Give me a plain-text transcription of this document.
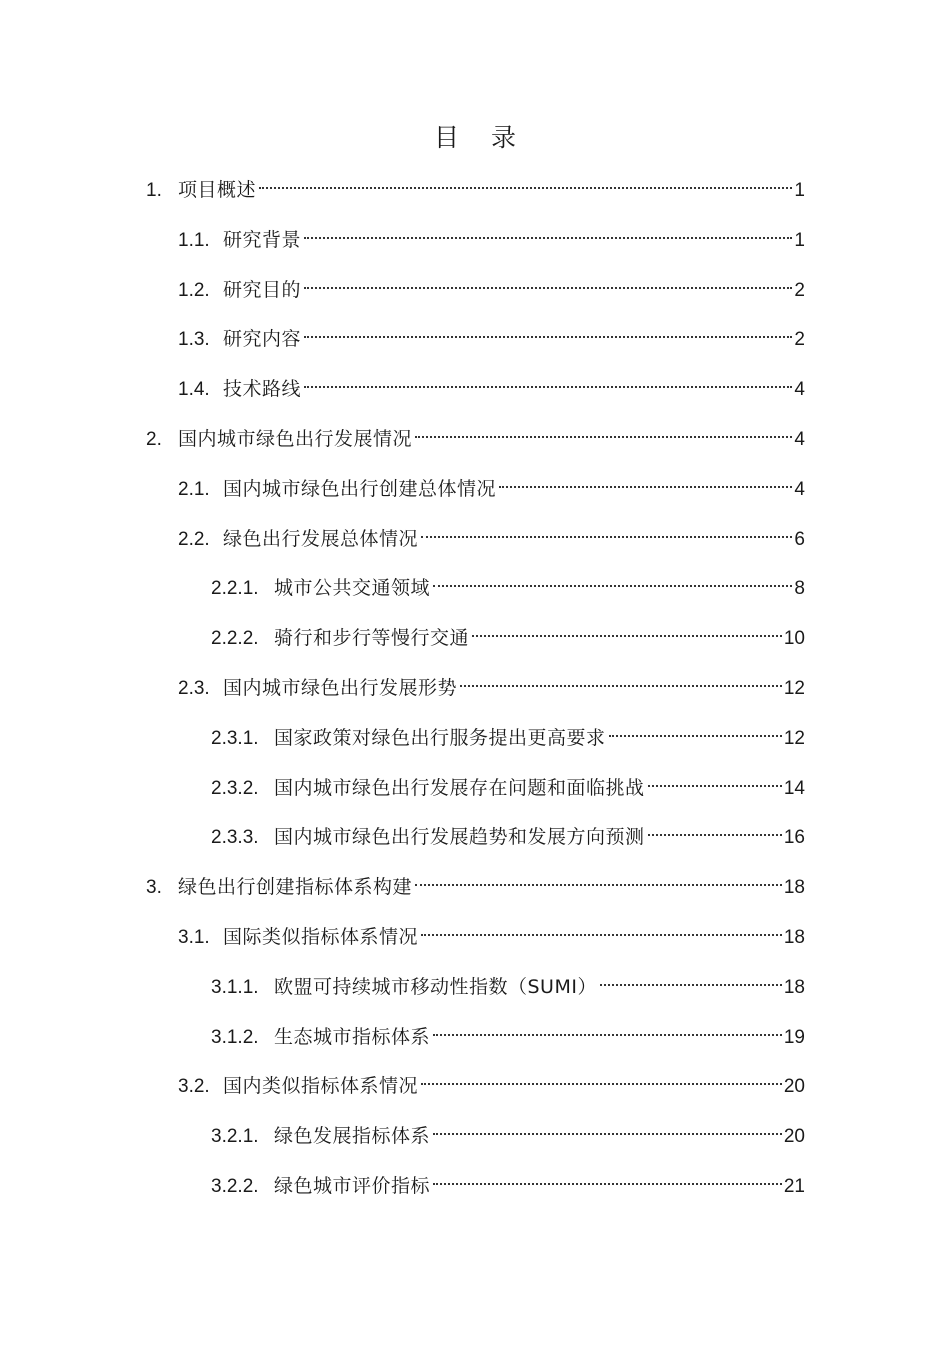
目 录
1. 项目概述	1
1.1. 研究背景	1
1.2. 研究目的	2
1.3. 研究内容	2
1.4. 技术路线	4
2. 国内城市绿色出行发展情况	4
2.1. 国内城市绿色出行创建总体情况	4
2.2. 绿色出行发展总体情况	6
2.2.1. 城市公共交通领域	8
2.2.2. 骑行和步行等慢行交通	10
2.3. 国内城市绿色出行发展形势	12
2.3.1. 国家政策对绿色出行服务提出更高要求	12
2.3.2. 国内城市绿色出行发展存在问题和面临挑战	14
2.3.3. 国内城市绿色出行发展趋势和发展方向预测	16
3. 绿色出行创建指标体系构建	18
3.1. 国际类似指标体系情况	18
3.1.1. 欧盟可持续城市移动性指数（SUMI）	18
3.1.2. 生态城市指标体系	19
3.2. 国内类似指标体系情况	20
3.2.1. 绿色发展指标体系	20
3.2.2. 绿色城市评价指标	21
